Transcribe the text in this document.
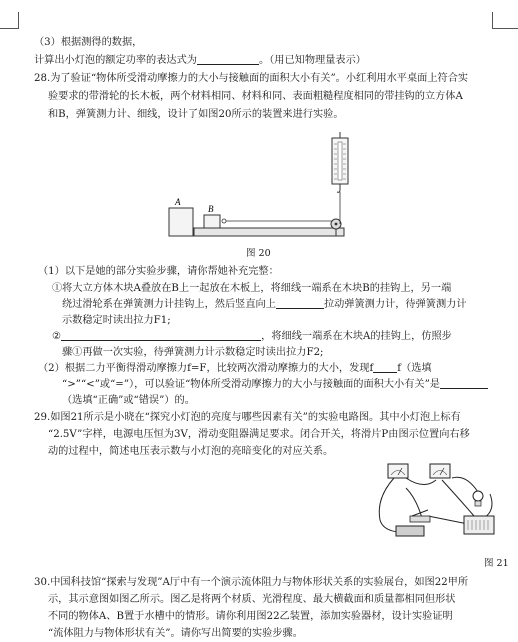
（3）根据测得的数据，
计算出小灯泡的额定功率的表达式为	。（用已知物理量表示）
28.为了验证“物体所受滑动摩擦力的大小与接触面的面积大小有关”。小红利用水平桌面上符合实
验要求的带滑轮的长木板，两个材料相同、材料和同、表面粗糙程度相同的带挂钩的立方体A
和B，弹簧测力计、细线，设计了如图20所示的装置来进行实验。
A
B
图 20
（1）以下是她的部分实验步骤，请你帮她补充完整：
①将大立方体木块A叠放在B上一起放在木板上，将细线一端系在木块B的挂钩上，另一端
绕过滑轮系在弹簧测力计挂钩上，然后竖直向上	拉动弹簧测力计，待弹簧测力计
示数稳定时读出拉力F1;
②	，将细线一端系在木块A的挂钩上，仿照步
骤①再做一次实验，待弹簧测力计示数稳定时读出拉力F2;
（2）根据二力平衡得滑动摩擦力f=F，比较两次滑动摩擦力的大小，发现f f（选填
“>”“<”或“=”），可以验证“物体所受滑动摩擦力的大小与接触面的面积大小有关”是
（选填“正确”或“错误”）的。
29.如图21所示是小晓在“探究小灯泡的亮度与哪些因素有关”的实验电路图。其中小灯泡上标有
“2.5V”字样，电源电压恒为3V，滑动变阻器满足要求。闭合开关，将滑片P由图示位置向右移
动的过程中，简述电压表示数与小灯泡的亮暗变化的对应关系。
图 21
30.中国科技馆“探索与发现”A厅中有一个演示流体阻力与物体形状关系的实验展台，如图22甲所
示，其示意图如图乙所示。图乙是将两个材质、光滑程度、最大横截面和质量都相同但形状
不同的物体A、B置于水槽中的情形。请你利用图22乙装置，添加实验器材，设计实验证明
“流体阻力与物体形状有关”。请你写出简要的实验步骤。
